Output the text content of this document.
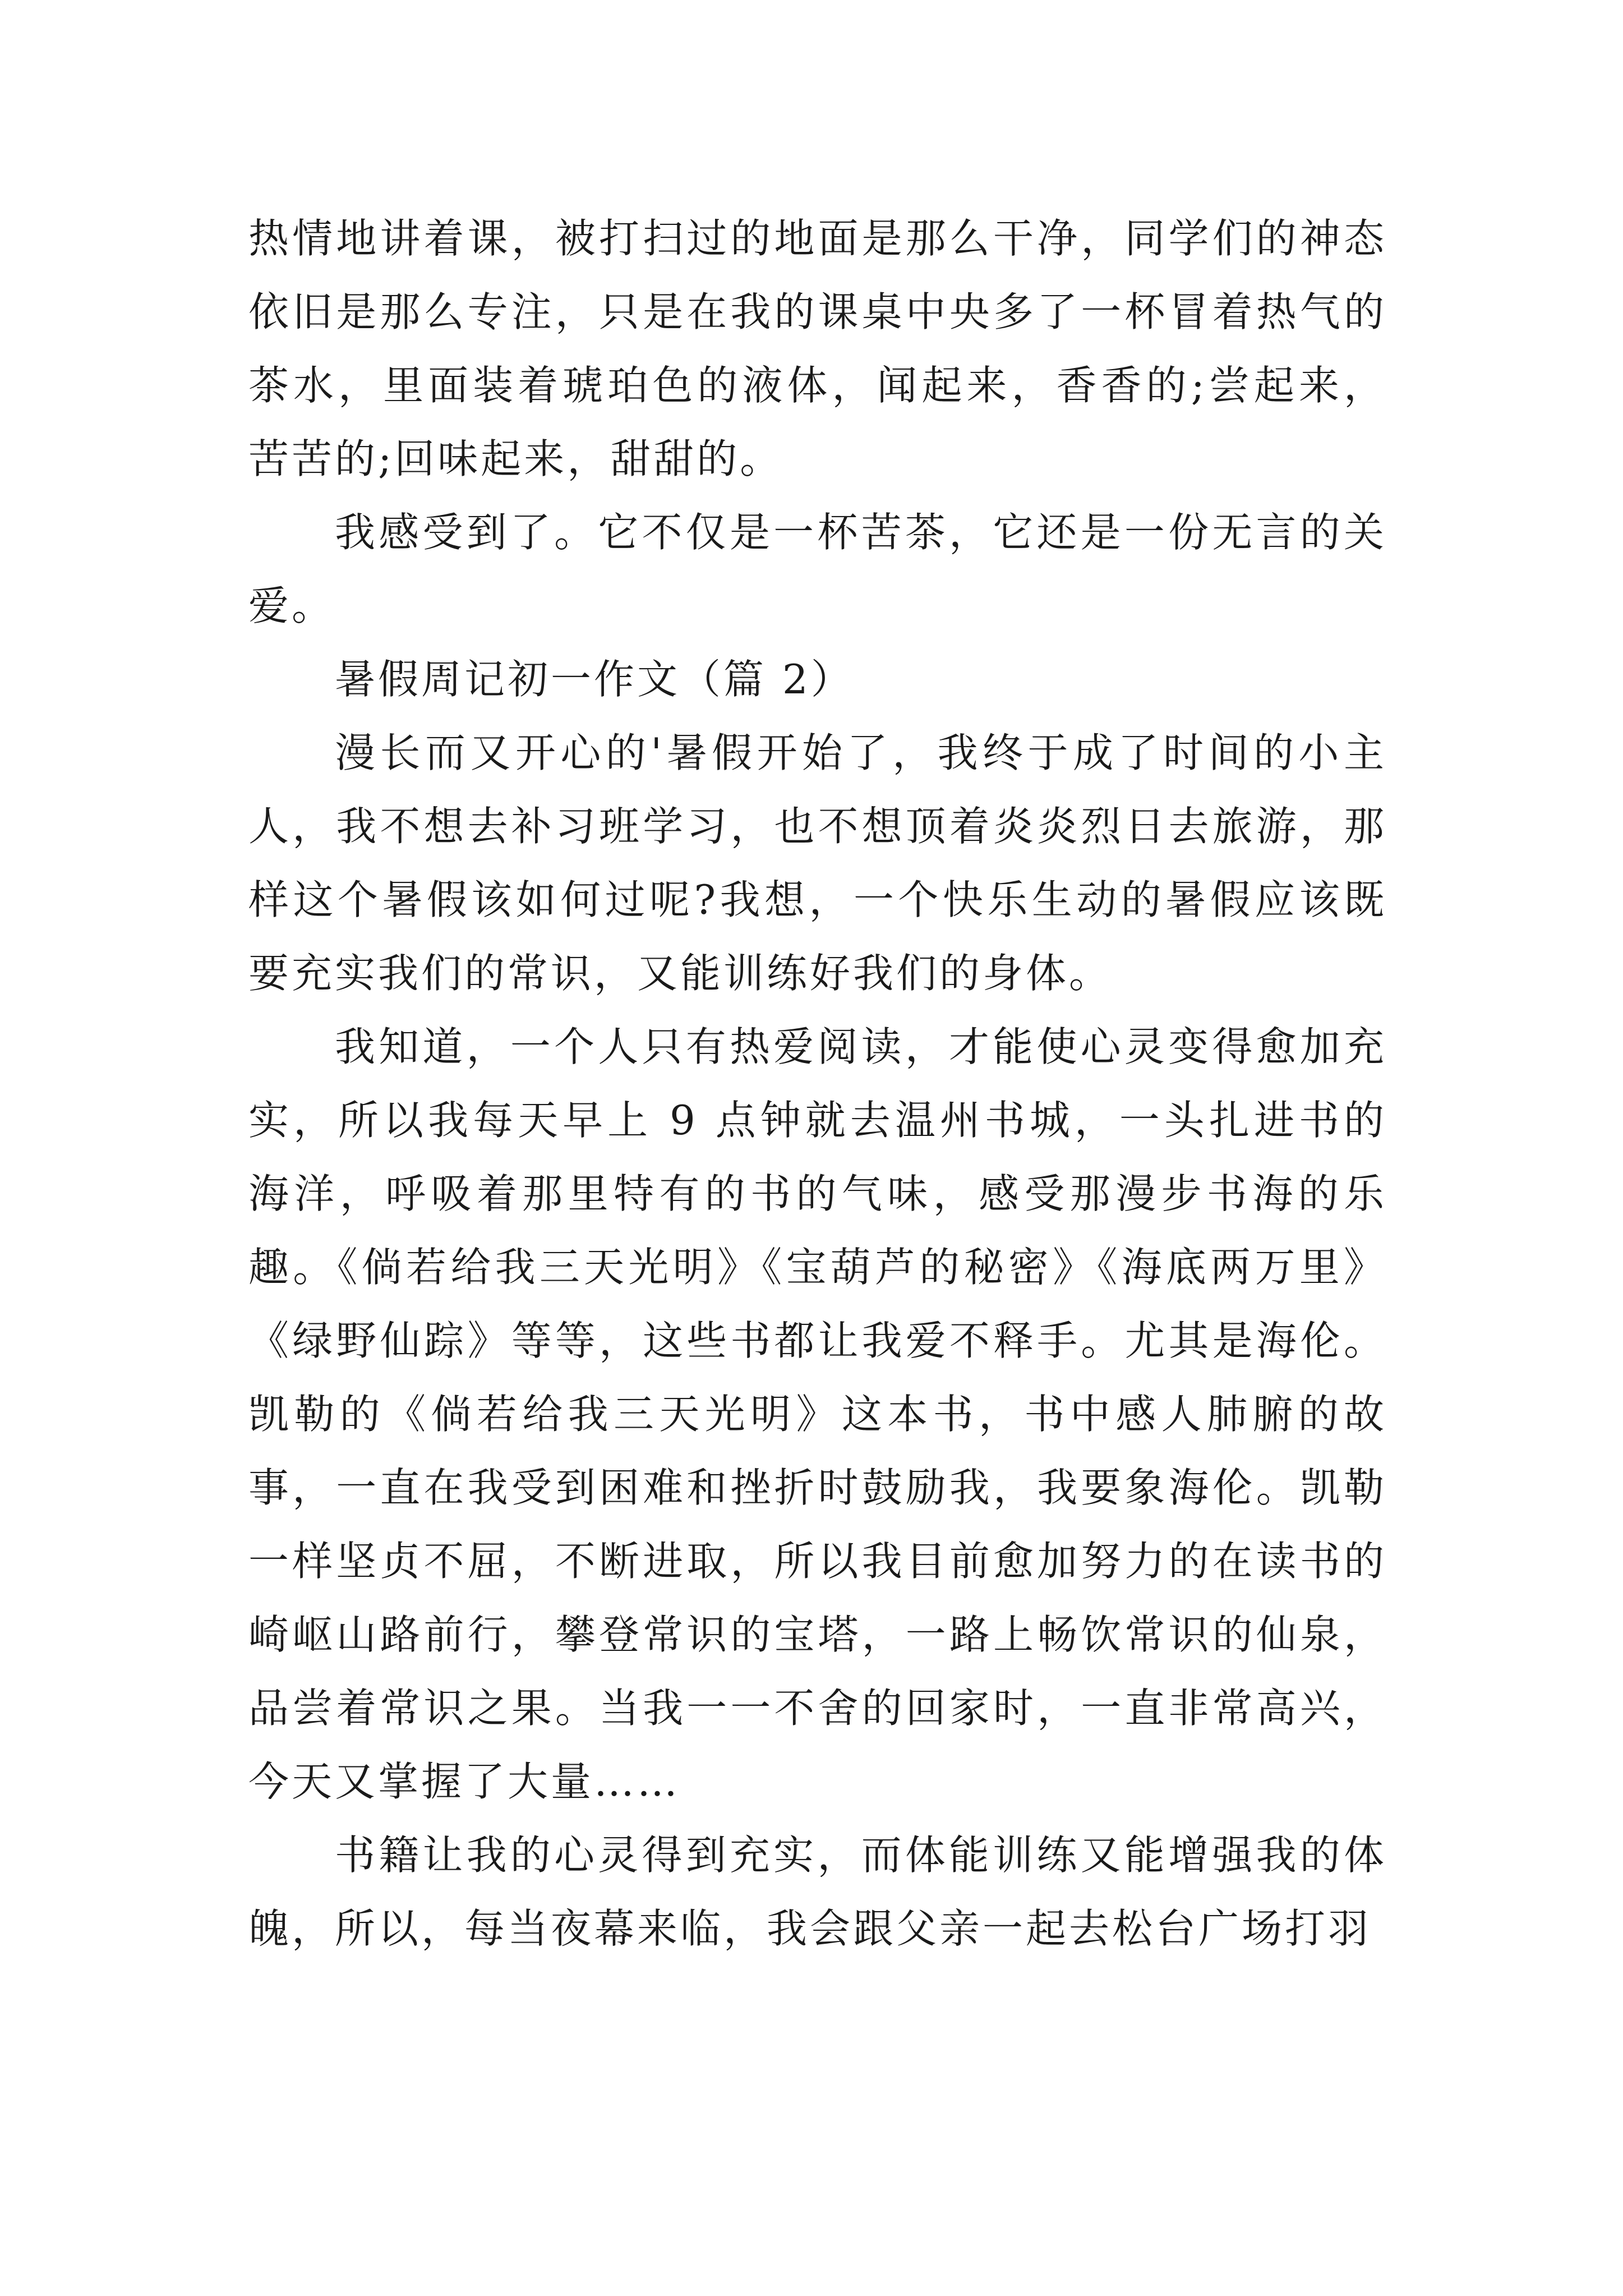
热情地讲着课，被打扫过的地面是那么干净，同学们的神态依旧是那么专注，只是在我的课桌中央多了一杯冒着热气的茶水，里面装着琥珀色的液体，闻起来，香香的;尝起来，苦苦的;回味起来，甜甜的。

我感受到了。它不仅是一杯苦茶，它还是一份无言的关爱。

暑假周记初一作文（篇 2）

漫长而又开心的'暑假开始了，我终于成了时间的小主人，我不想去补习班学习，也不想顶着炎炎烈日去旅游，那样这个暑假该如何过呢?我想，一个快乐生动的暑假应该既要充实我们的常识，又能训练好我们的身体。

我知道，一个人只有热爱阅读，才能使心灵变得愈加充实，所以我每天早上 9 点钟就去温州书城，一头扎进书的海洋，呼吸着那里特有的书的气味，感受那漫步书海的乐趣。《倘若给我三天光明》《宝葫芦的秘密》《海底两万里》《绿野仙踪》等等，这些书都让我爱不释手。尤其是海伦。凯勒的《倘若给我三天光明》这本书，书中感人肺腑的故事，一直在我受到困难和挫折时鼓励我，我要象海伦。凯勒一样坚贞不屈，不断进取，所以我目前愈加努力的在读书的崎岖山路前行，攀登常识的宝塔，一路上畅饮常识的仙泉，品尝着常识之果。当我一一不舍的回家时，一直非常高兴，今天又掌握了大量……

书籍让我的心灵得到充实，而体能训练又能增强我的体魄，所以，每当夜幕来临，我会跟父亲一起去松台广场打羽
